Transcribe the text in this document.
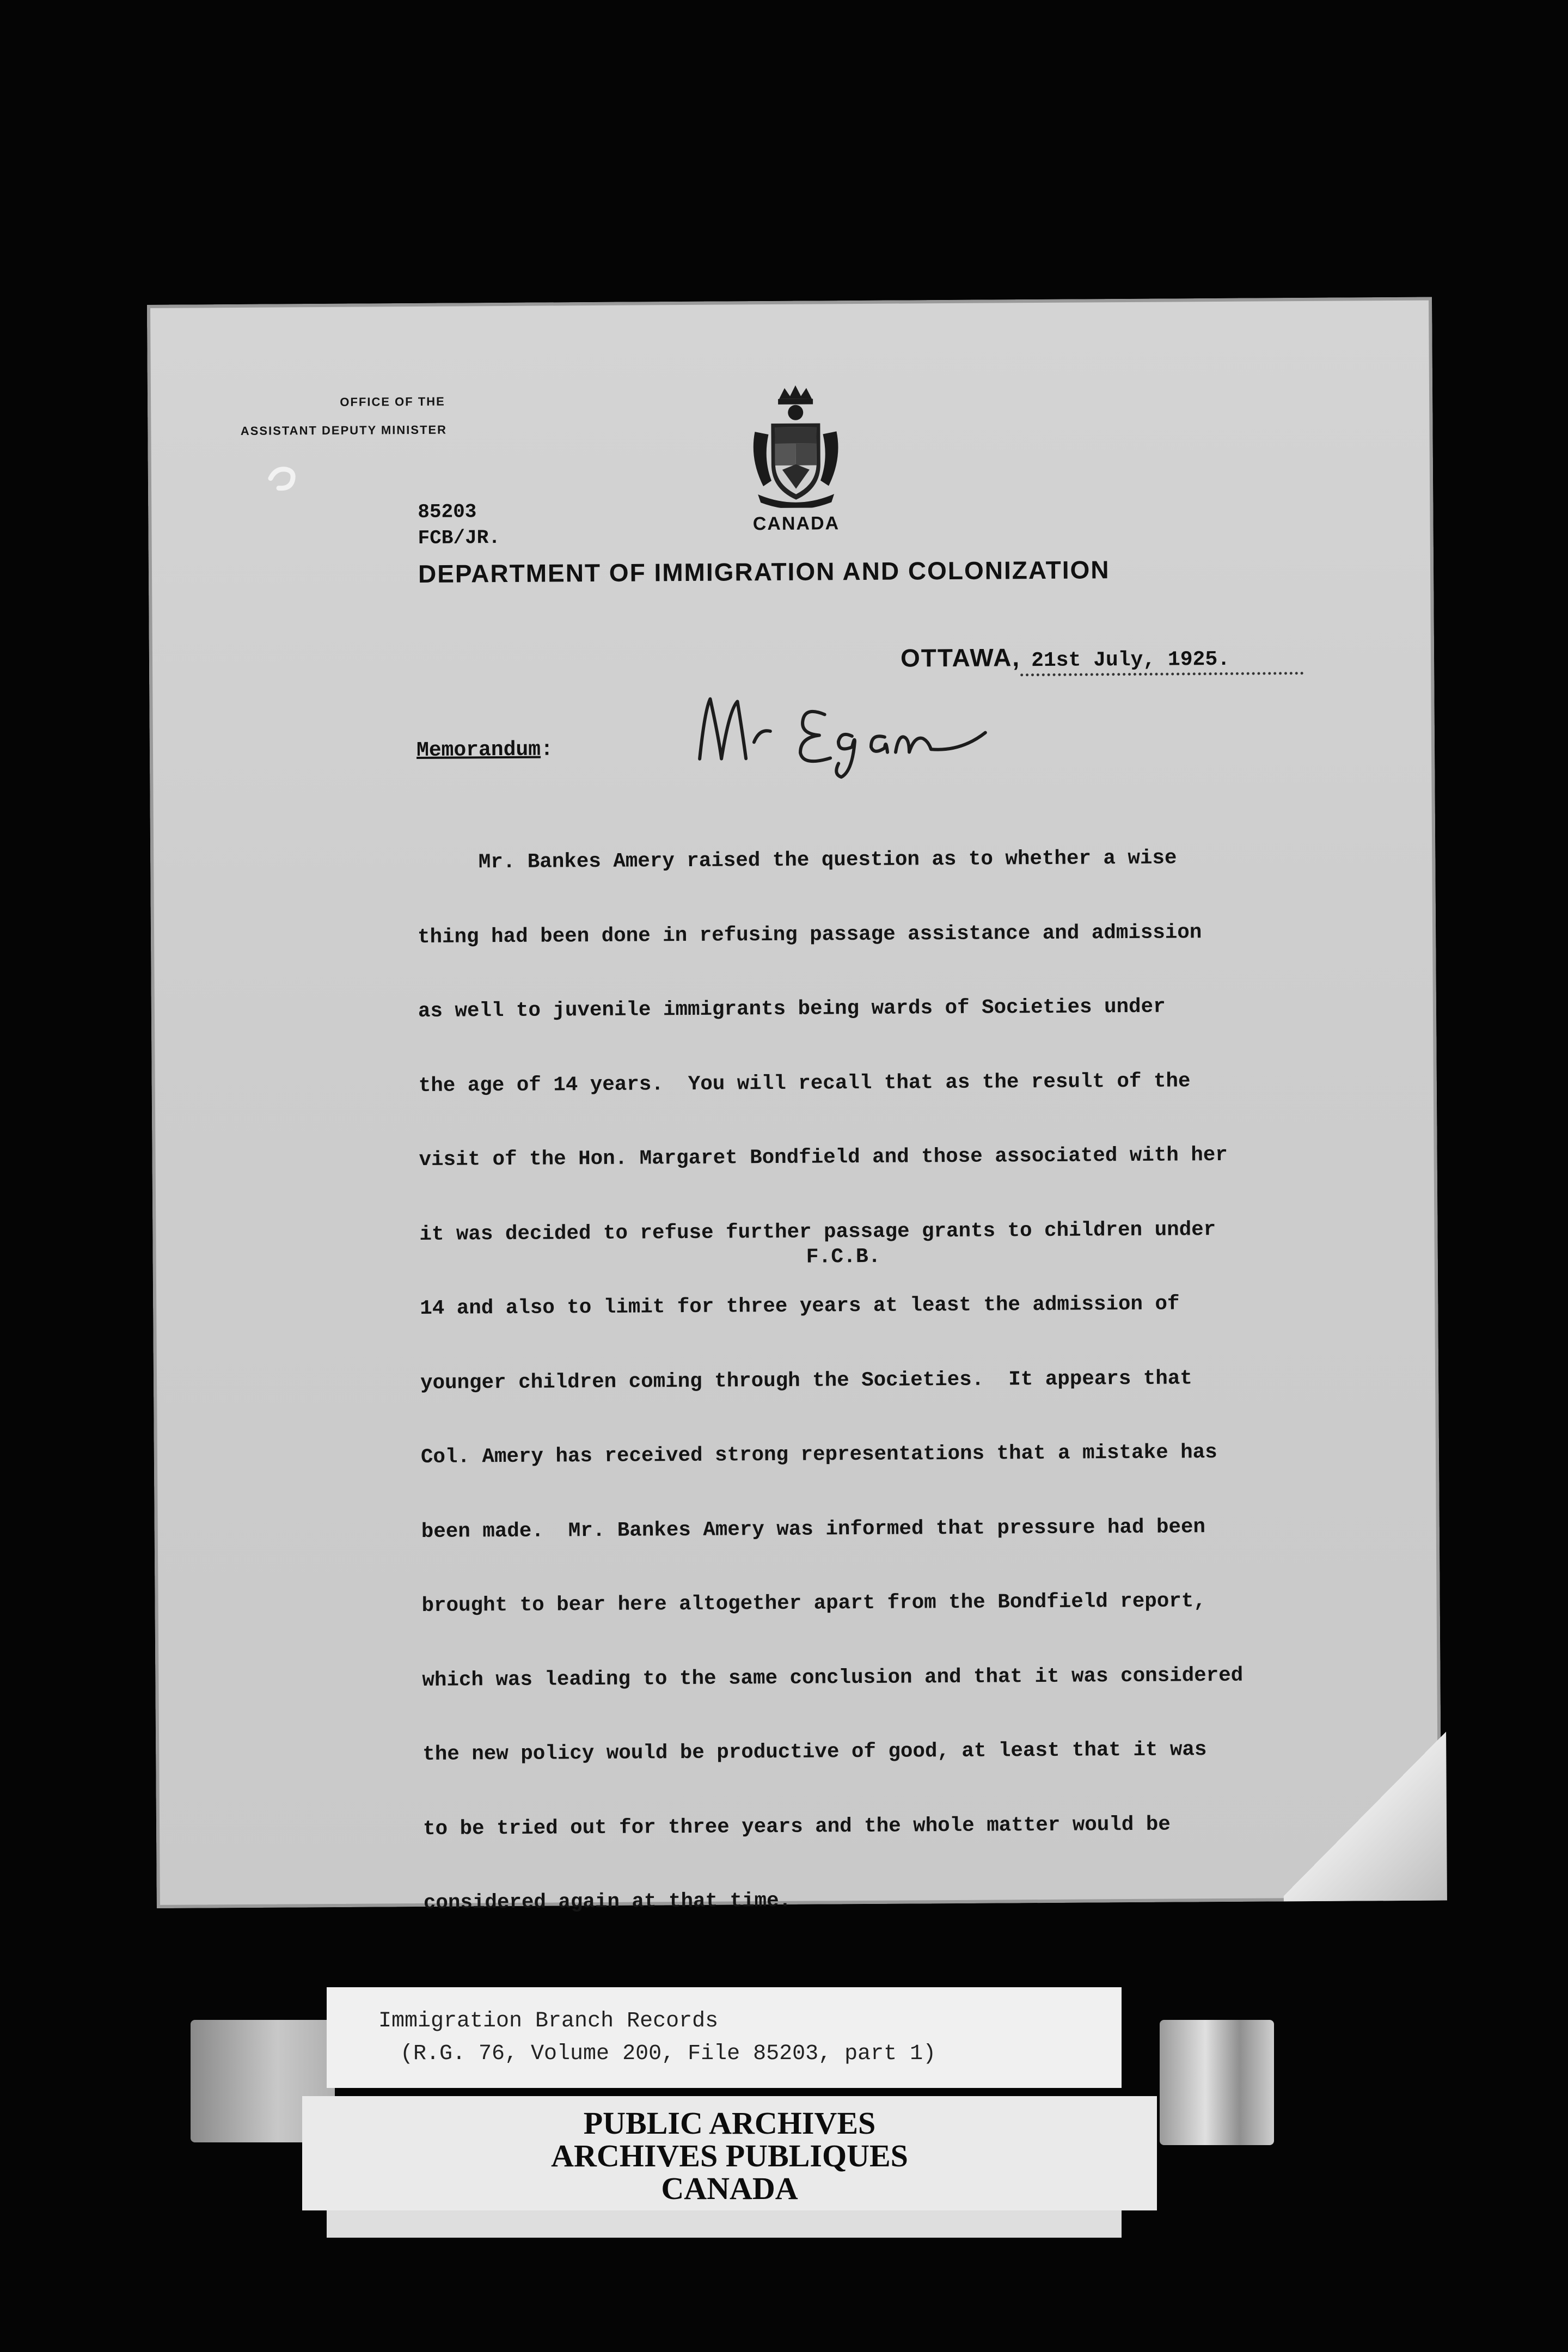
OFFICE OF THE
ASSISTANT DEPUTY MINISTER
CANADA
85203
FCB/JR.
DEPARTMENT OF IMMIGRATION AND COLONIZATION
OTTAWA, 21st July, 1925.
Memorandum:

Mr. Bankes Amery raised the question as to whether a wise

thing had been done in refusing passage assistance and admission

as well to juvenile immigrants being wards of Societies under

the age of 14 years.  You will recall that as the result of the

visit of the Hon. Margaret Bondfield and those associated with her

it was decided to refuse further passage grants to children under

14 and also to limit for three years at least the admission of

younger children coming through the Societies.  It appears that

Col. Amery has received strong representations that a mistake has

been made.  Mr. Bankes Amery was informed that pressure had been

brought to bear here altogether apart from the Bondfield report,

which was leading to the same conclusion and that it was considered

the new policy would be productive of good, at least that it was

to be tried out for three years and the whole matter would be

considered again at that time.

F.C.B.
Immigration Branch Records
(R.G. 76, Volume 200, File 85203, part 1)
PUBLIC ARCHIVES
ARCHIVES PUBLIQUES
CANADA
